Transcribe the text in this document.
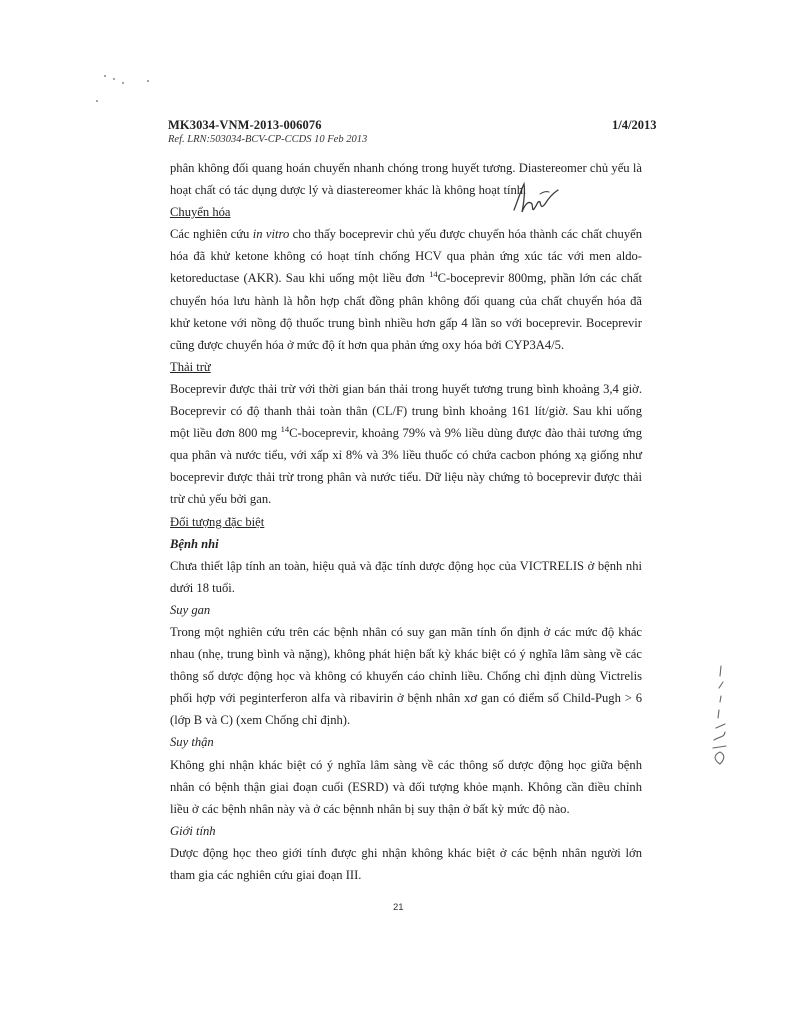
MK3034-VNM-2013-006076
Ref. LRN:503034-BCV-CP-CCDS 10 Feb 2013
1/4/2013

phân không đối quang hoán chuyển nhanh chóng trong huyết tương. Diastereomer chủ yếu là hoạt chất có tác dụng dược lý và diastereomer khác là không hoạt tính.

Chuyển hóa

Các nghiên cứu in vitro cho thấy boceprevir chủ yếu được chuyển hóa thành các chất chuyển hóa đã khử ketone không có hoạt tính chống HCV qua phản ứng xúc tác với men aldo-ketoreductase (AKR). Sau khi uống một liều đơn $^{14}$C-boceprevir 800mg, phần lớn các chất chuyển hóa lưu hành là hỗn hợp chất đồng phân không đối quang của chất chuyển hóa đã khử ketone với nồng độ thuốc trung bình nhiều hơn gấp 4 lần so với boceprevir. Boceprevir cũng được chuyển hóa ở mức độ ít hơn qua phản ứng oxy hóa bởi CYP3A4/5.

Thải trừ

Boceprevir được thải trừ với thời gian bán thải trong huyết tương trung bình khoảng 3,4 giờ. Boceprevir có độ thanh thải toàn thân (CL/F) trung bình khoảng 161 lít/giờ. Sau khi uống một liều đơn 800 mg $^{14}$C-boceprevir, khoảng 79% và 9% liều dùng được đào thải tương ứng qua phân và nước tiểu, với xấp xỉ 8% và 3% liều thuốc có chứa cacbon phóng xạ giống như boceprevir được thải trừ trong phân và nước tiểu. Dữ liệu này chứng tỏ boceprevir được thải trừ chủ yếu bởi gan.

Đối tượng đặc biệt
Bệnh nhi

Chưa thiết lập tính an toàn, hiệu quả và đặc tính dược động học của VICTRELIS ở bệnh nhi dưới 18 tuổi.

Suy gan

Trong một nghiên cứu trên các bệnh nhân có suy gan mãn tính ổn định ở các mức độ khác nhau (nhẹ, trung bình và nặng), không phát hiện bất kỳ khác biệt có ý nghĩa lâm sàng về các thông số dược động học và không có khuyến cáo chỉnh liều. Chống chỉ định dùng Victrelis phối hợp với peginterferon alfa và ribavirin ở bệnh nhân xơ gan có điểm số Child-Pugh > 6 (lớp B và C) (xem Chống chỉ định).

Suy thận

Không ghi nhận khác biệt có ý nghĩa lâm sàng về các thông số dược động học giữa bệnh nhân có bệnh thận giai đoạn cuối (ESRD) và đối tượng khỏe mạnh. Không cần điều chỉnh liều ở các bệnh nhân này và ở các bệnnh nhân bị suy thận ở bất kỳ mức độ nào.

Giới tính

Dược động học theo giới tính được ghi nhận không khác biệt ở các bệnh nhân người lớn tham gia các nghiên cứu giai đoạn III.

21
